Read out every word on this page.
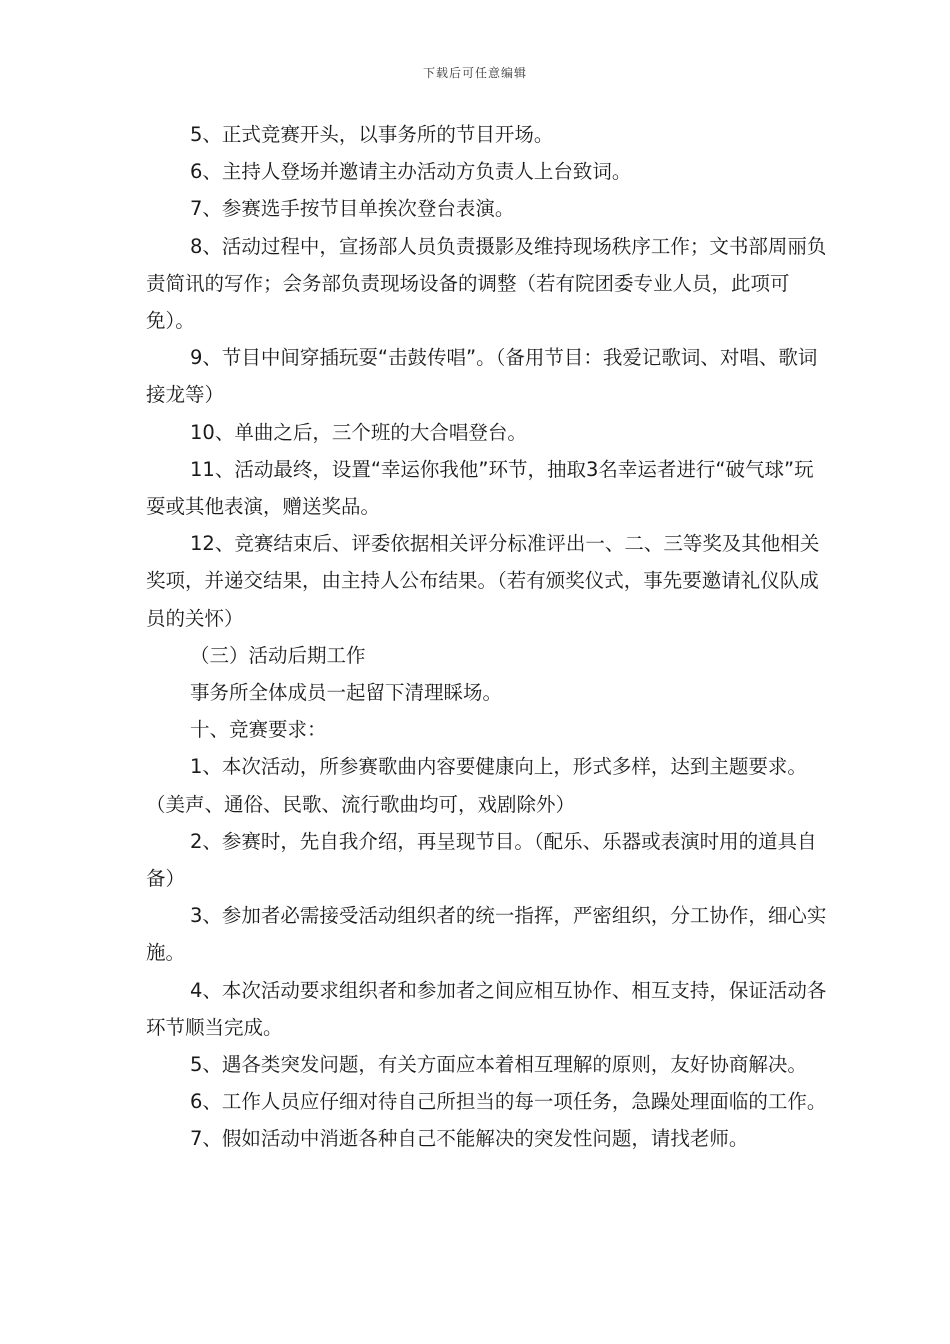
下载后可任意编辑

5、正式竞赛开头，以事务所的节目开场。

6、主持人登场并邀请主办活动方负责人上台致词。

7、参赛选手按节目单挨次登台表演。

8、活动过程中，宣扬部人员负责摄影及维持现场秩序工作；文书部周丽负责简讯的写作；会务部负责现场设备的调整（若有院团委专业人员，此项可免）。

9、节目中间穿插玩耍“击鼓传唱”。（备用节目：我爱记歌词、对唱、歌词接龙等）

10、单曲之后，三个班的大合唱登台。

11、活动最终，设置“幸运你我他”环节，抽取3名幸运者进行“破气球”玩耍或其他表演，赠送奖品。

12、竞赛结束后、评委依据相关评分标准评出一、二、三等奖及其他相关奖项，并递交结果，由主持人公布结果。（若有颁奖仪式，事先要邀请礼仪队成员的关怀）

（三）活动后期工作

事务所全体成员一起留下清理睬场。

十、竞赛要求：

1、本次活动，所参赛歌曲内容要健康向上，形式多样，达到主题要求。（美声、通俗、民歌、流行歌曲均可，戏剧除外）

2、参赛时，先自我介绍，再呈现节目。（配乐、乐器或表演时用的道具自备）

3、参加者必需接受活动组织者的统一指挥，严密组织，分工协作，细心实施。

4、本次活动要求组织者和参加者之间应相互协作、相互支持，保证活动各环节顺当完成。

5、遇各类突发问题，有关方面应本着相互理解的原则，友好协商解决。

6、工作人员应仔细对待自己所担当的每一项任务，急躁处理面临的工作。

7、假如活动中消逝各种自己不能解决的突发性问题，请找老师。
